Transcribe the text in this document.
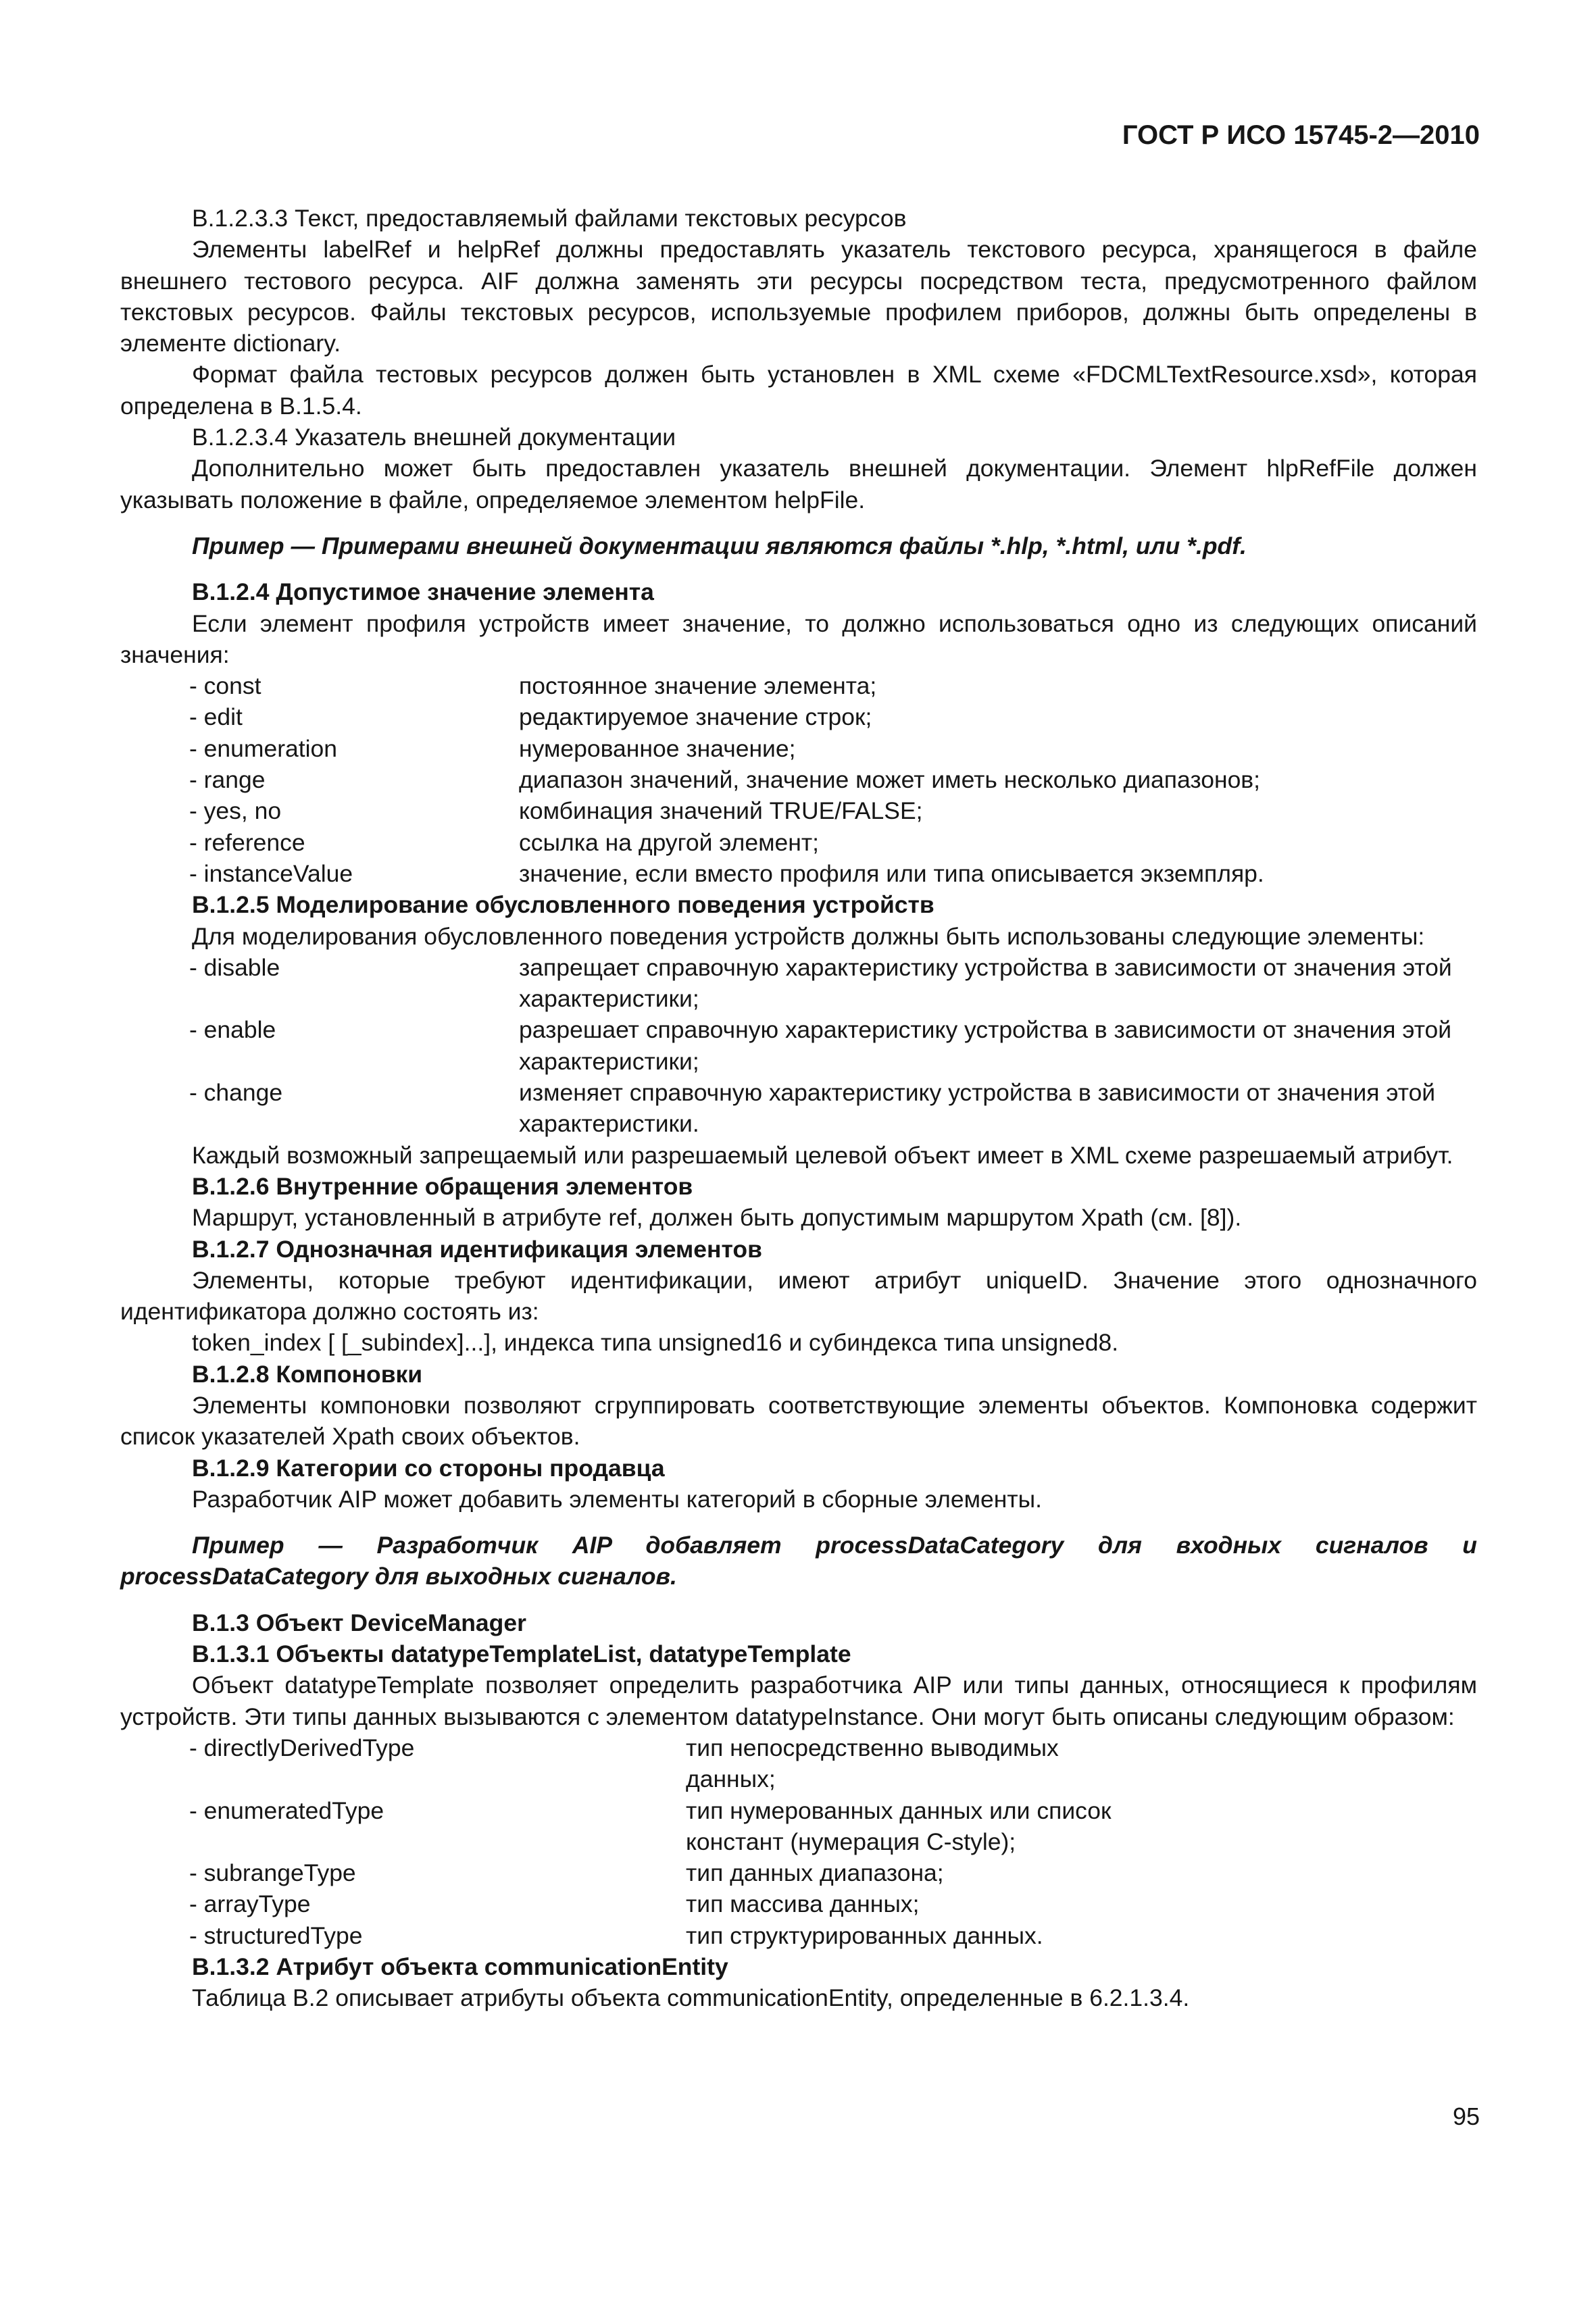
ГОСТ Р ИСО 15745-2—2010

В.1.2.3.3 Текст, предоставляемый файлами текстовых ресурсов

Элементы labelRef и helpRef должны предоставлять указатель текстового ресурса, хранящегося в файле внешнего тестового ресурса. AIF должна заменять эти ресурсы посредством теста, предусмотренного файлом текстовых ресурсов. Файлы текстовых ресурсов, используемые профилем приборов, должны быть определены в элементе dictionary.

Формат файла тестовых ресурсов должен быть установлен в XML схеме «FDCMLTextResource.xsd», которая определена в В.1.5.4.

В.1.2.3.4 Указатель внешней документации

Дополнительно может быть предоставлен указатель внешней документации. Элемент hlpRefFile должен указывать положение в файле, определяемое элементом helpFile.

Пример — Примерами внешней документации являются файлы *.hlp, *.html, или *.pdf.

В.1.2.4 Допустимое значение элемента

Если элемент профиля устройств имеет значение, то должно использоваться одно из следующих описаний значения:

- const	постоянное значение элемента;
- edit	редактируемое значение строк;
- enumeration	нумерованное значение;
- range	диапазон значений, значение может иметь несколько диапазонов;
- yes, no	комбинация значений TRUE/FALSE;
- reference	ссылка на другой элемент;
- instanceValue	значение, если вместо профиля или типа описывается экземпляр.

В.1.2.5 Моделирование обусловленного поведения устройств

Для моделирования обусловленного поведения устройств должны быть использованы следующие элементы:

- disable	запрещает справочную характеристику устройства в зависимости от значения этой характеристики;
- enable	разрешает справочную характеристику устройства в зависимости от значения этой характеристики;
- change	изменяет справочную характеристику устройства в зависимости от значения этой характеристики.

Каждый возможный запрещаемый или разрешаемый целевой объект имеет в XML схеме разрешаемый атрибут.

В.1.2.6 Внутренние обращения элементов

Маршрут, установленный в атрибуте ref, должен быть допустимым маршрутом Xpath (см. [8]).

В.1.2.7 Однозначная идентификация элементов

Элементы, которые требуют идентификации, имеют атрибут uniqueID. Значение этого однозначного идентификатора должно состоять из:

token_index [ [_subindex]...], индекса типа unsigned16 и субиндекса типа unsigned8.

В.1.2.8 Компоновки

Элементы компоновки позволяют сгруппировать соответствующие элементы объектов. Компоновка содержит список указателей Xpath своих объектов.

В.1.2.9 Категории со стороны продавца

Разработчик AIP может добавить элементы категорий в сборные элементы.

Пример — Разработчик AIP добавляет processDataCategory для входных сигналов и processDataCategory для выходных сигналов.

В.1.3 Объект DeviceManager

В.1.3.1 Объекты datatypeTemplateList, datatypeTemplate

Объект datatypeTemplate позволяет определить разработчика AIP или типы данных, относящиеся к профилям устройств. Эти типы данных вызываются с элементом datatypeInstance. Они могут быть описаны следующим образом:

- directlyDerivedType	тип непосредственно выводимых данных;
- enumeratedType	тип нумерованных данных или список констант (нумерация C-style);
- subrangeType	тип данных диапазона;
- arrayType	тип массива данных;
- structuredType	тип структурированных данных.

В.1.3.2 Атрибут объекта communicationEntity

Таблица В.2 описывает атрибуты объекта communicationEntity, определенные в 6.2.1.3.4.

95
